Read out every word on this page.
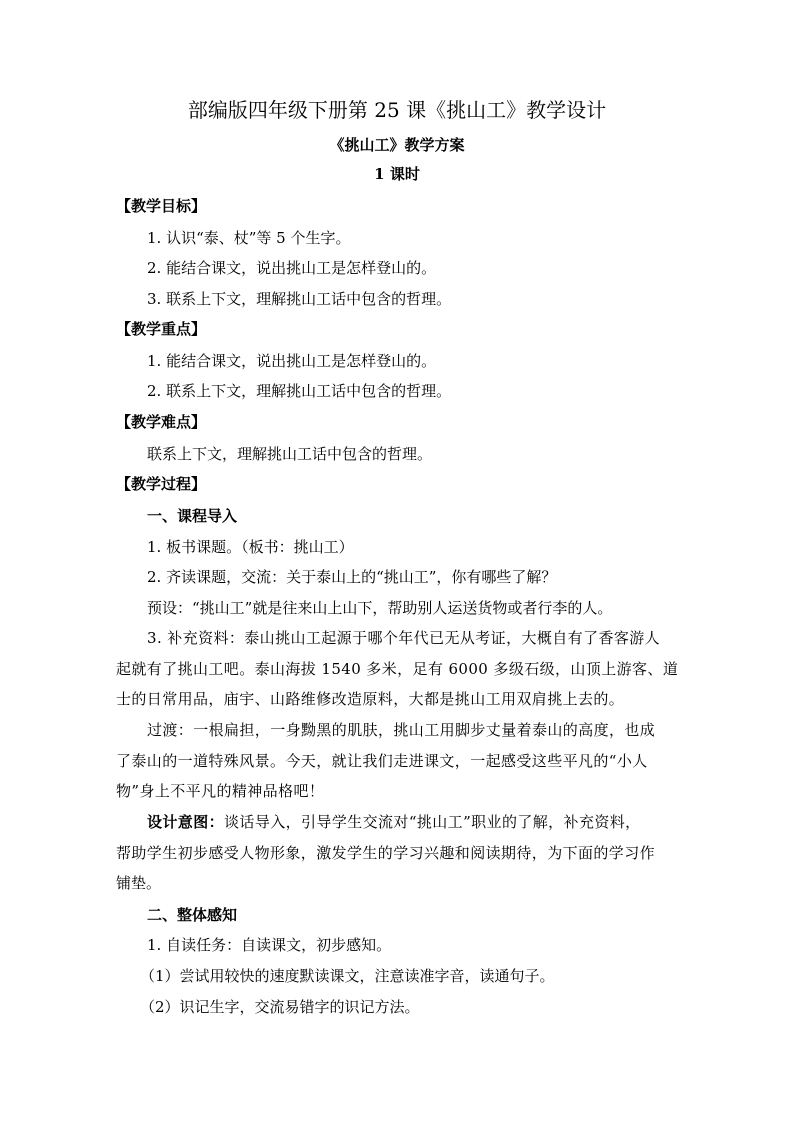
部编版四年级下册第 25 课《挑山工》教学设计
《挑山工》教学方案
1 课时
【教学目标】
1. 认识“泰、杖”等 5 个生字。
2. 能结合课文，说出挑山工是怎样登山的。
3. 联系上下文，理解挑山工话中包含的哲理。
【教学重点】
1. 能结合课文，说出挑山工是怎样登山的。
2. 联系上下文，理解挑山工话中包含的哲理。
【教学难点】
联系上下文，理解挑山工话中包含的哲理。
【教学过程】
一、课程导入
1. 板书课题。（板书：挑山工）
2. 齐读课题，交流：关于泰山上的“挑山工”，你有哪些了解？
预设：“挑山工”就是往来山上山下，帮助别人运送货物或者行李的人。
3. 补充资料：泰山挑山工起源于哪个年代已无从考证，大概自有了香客游人
起就有了挑山工吧。泰山海拔 1540 多米，足有 6000 多级石级，山顶上游客、道
士的日常用品，庙宇、山路维修改造原料，大都是挑山工用双肩挑上去的。
过渡：一根扁担，一身黝黑的肌肤，挑山工用脚步丈量着泰山的高度，也成
了泰山的一道特殊风景。今天，就让我们走进课文，一起感受这些平凡的“小人
物”身上不平凡的精神品格吧！
设计意图：谈话导入，引导学生交流对“挑山工”职业的了解，补充资料，
帮助学生初步感受人物形象，激发学生的学习兴趣和阅读期待，为下面的学习作
铺垫。
二、整体感知
1. 自读任务：自读课文，初步感知。
（1）尝试用较快的速度默读课文，注意读准字音，读通句子。
（2）识记生字，交流易错字的识记方法。
